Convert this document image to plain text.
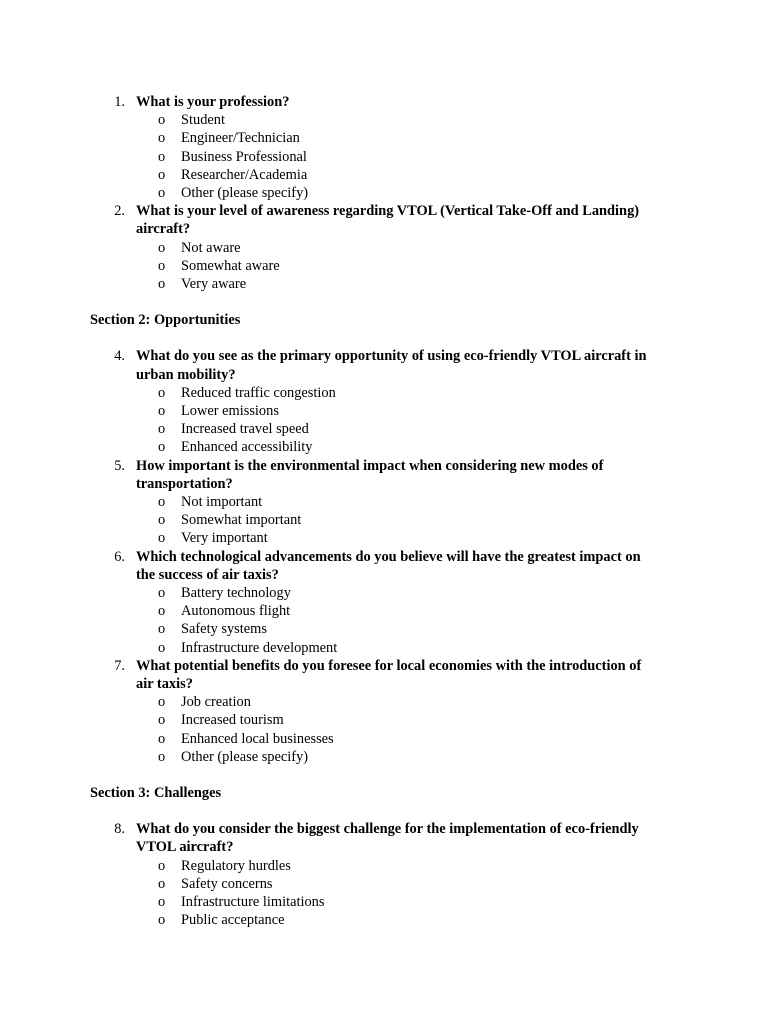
1. What is your profession?
o Student
o Engineer/Technician
o Business Professional
o Researcher/Academia
o Other (please specify)
2. What is your level of awareness regarding VTOL (Vertical Take-Off and Landing)
aircraft?
o Not aware
o Somewhat aware
o Very aware
Section 2: Opportunities
4. What do you see as the primary opportunity of using eco-friendly VTOL aircraft in
urban mobility?
o Reduced traffic congestion
o Lower emissions
o Increased travel speed
o Enhanced accessibility
5. How important is the environmental impact when considering new modes of
transportation?
o Not important
o Somewhat important
o Very important
6. Which technological advancements do you believe will have the greatest impact on
the success of air taxis?
o Battery technology
o Autonomous flight
o Safety systems
o Infrastructure development
7. What potential benefits do you foresee for local economies with the introduction of
air taxis?
o Job creation
o Increased tourism
o Enhanced local businesses
o Other (please specify)
Section 3: Challenges
8. What do you consider the biggest challenge for the implementation of eco-friendly
VTOL aircraft?
o Regulatory hurdles
o Safety concerns
o Infrastructure limitations
o Public acceptance
